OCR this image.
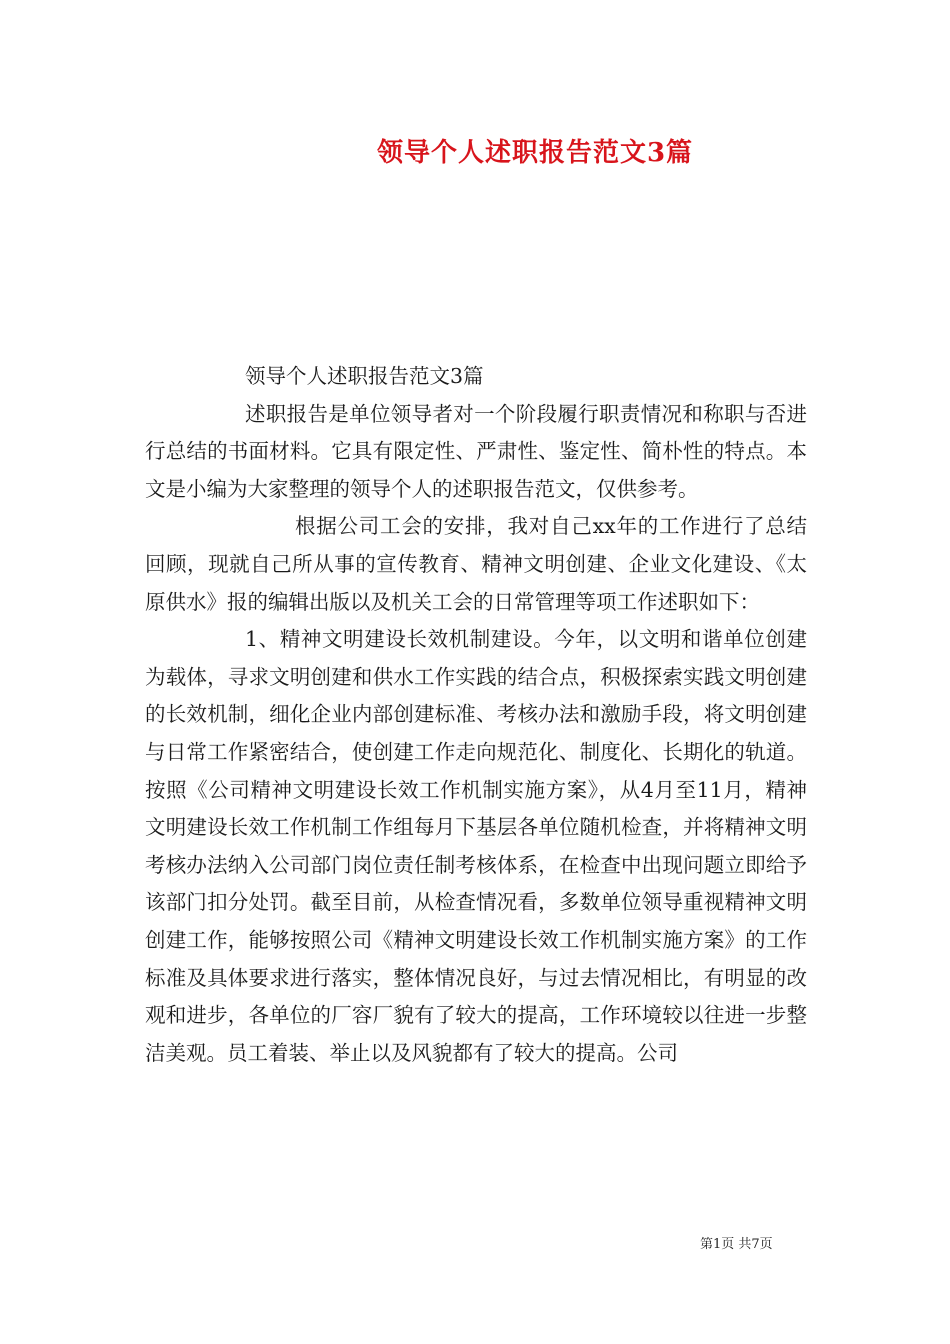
领导个人述职报告范文3篇

领导个人述职报告范文3篇

述职报告是单位领导者对一个阶段履行职责情况和称职与否进行总结的书面材料。它具有限定性、严肃性、鉴定性、简朴性的特点。本文是小编为大家整理的领导个人的述职报告范文，仅供参考。

根据公司工会的安排，我对自己xx年的工作进行了总结回顾，现就自己所从事的宣传教育、精神文明创建、企业文化建设、《太原供水》报的编辑出版以及机关工会的日常管理等项工作述职如下：

1、精神文明建设长效机制建设。今年，以文明和谐单位创建为载体，寻求文明创建和供水工作实践的结合点，积极探索实践文明创建的长效机制，细化企业内部创建标准、考核办法和激励手段，将文明创建与日常工作紧密结合，使创建工作走向规范化、制度化、长期化的轨道。按照《公司精神文明建设长效工作机制实施方案》，从4月至11月，精神文明建设长效工作机制工作组每月下基层各单位随机检查，并将精神文明考核办法纳入公司部门岗位责任制考核体系，在检查中出现问题立即给予该部门扣分处罚。截至目前，从检查情况看，多数单位领导重视精神文明创建工作，能够按照公司《精神文明建设长效工作机制实施方案》的工作标准及具体要求进行落实，整体情况良好，与过去情况相比，有明显的改观和进步，各单位的厂容厂貌有了较大的提高，工作环境较以往进一步整洁美观。员工着装、举止以及风貌都有了较大的提高。公司

第1页 共7页
